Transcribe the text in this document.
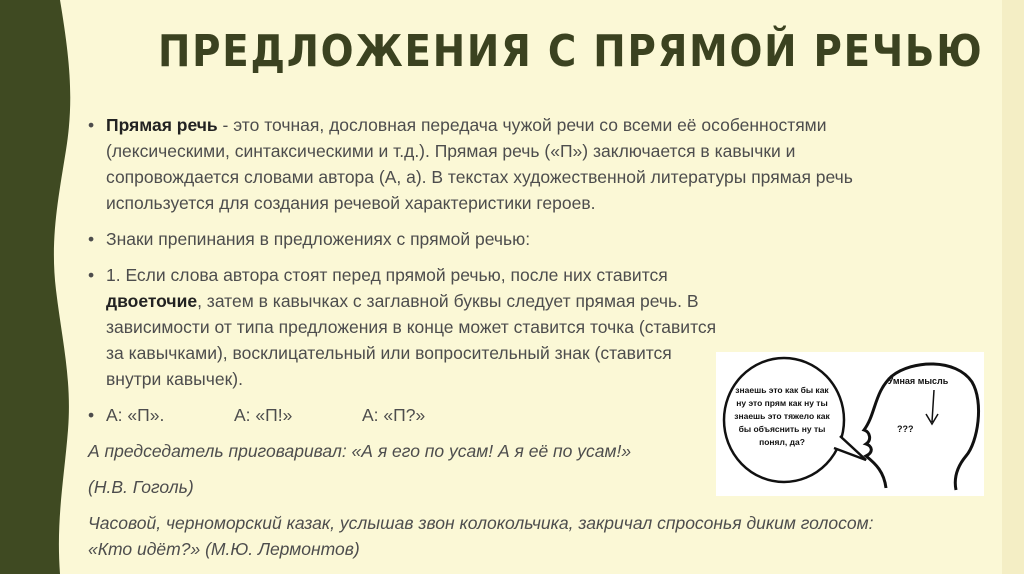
ПРЕДЛОЖЕНИЯ С ПРЯМОЙ РЕЧЬЮ

• Прямая речь - это точная, дословная передача чужой речи со всеми её особенностями (лексическими, синтаксическими и т.д.). Прямая речь («П») заключается в кавычки и сопровождается словами автора (А, а). В текстах художественной литературы прямая речь используется для создания речевой характеристики героев.

• Знаки препинания в предложениях с прямой речью:

• 1. Если слова автора стоят перед прямой речью, после них ставится двоеточие, затем в кавычках с заглавной буквы следует прямая речь. В зависимости от типа предложения в конце может ставится точка (ставится за кавычками), восклицательный или вопросительный знак (ставится внутри кавычек).

• А: «П».	А: «П!»	А: «П?»

А председатель приговаривал: «А я его по усам! А я её по усам!»

(Н.В. Гоголь)

Часовой, черноморский казак, услышав звон колокольчика, закричал спросонья диким голосом: «Кто идёт?» (М.Ю. Лермонтов)

знаешь это как бы как ну это прям как ну ты знаешь это тяжело как бы объяснить ну ты понял, да?
Умная мысль
???
